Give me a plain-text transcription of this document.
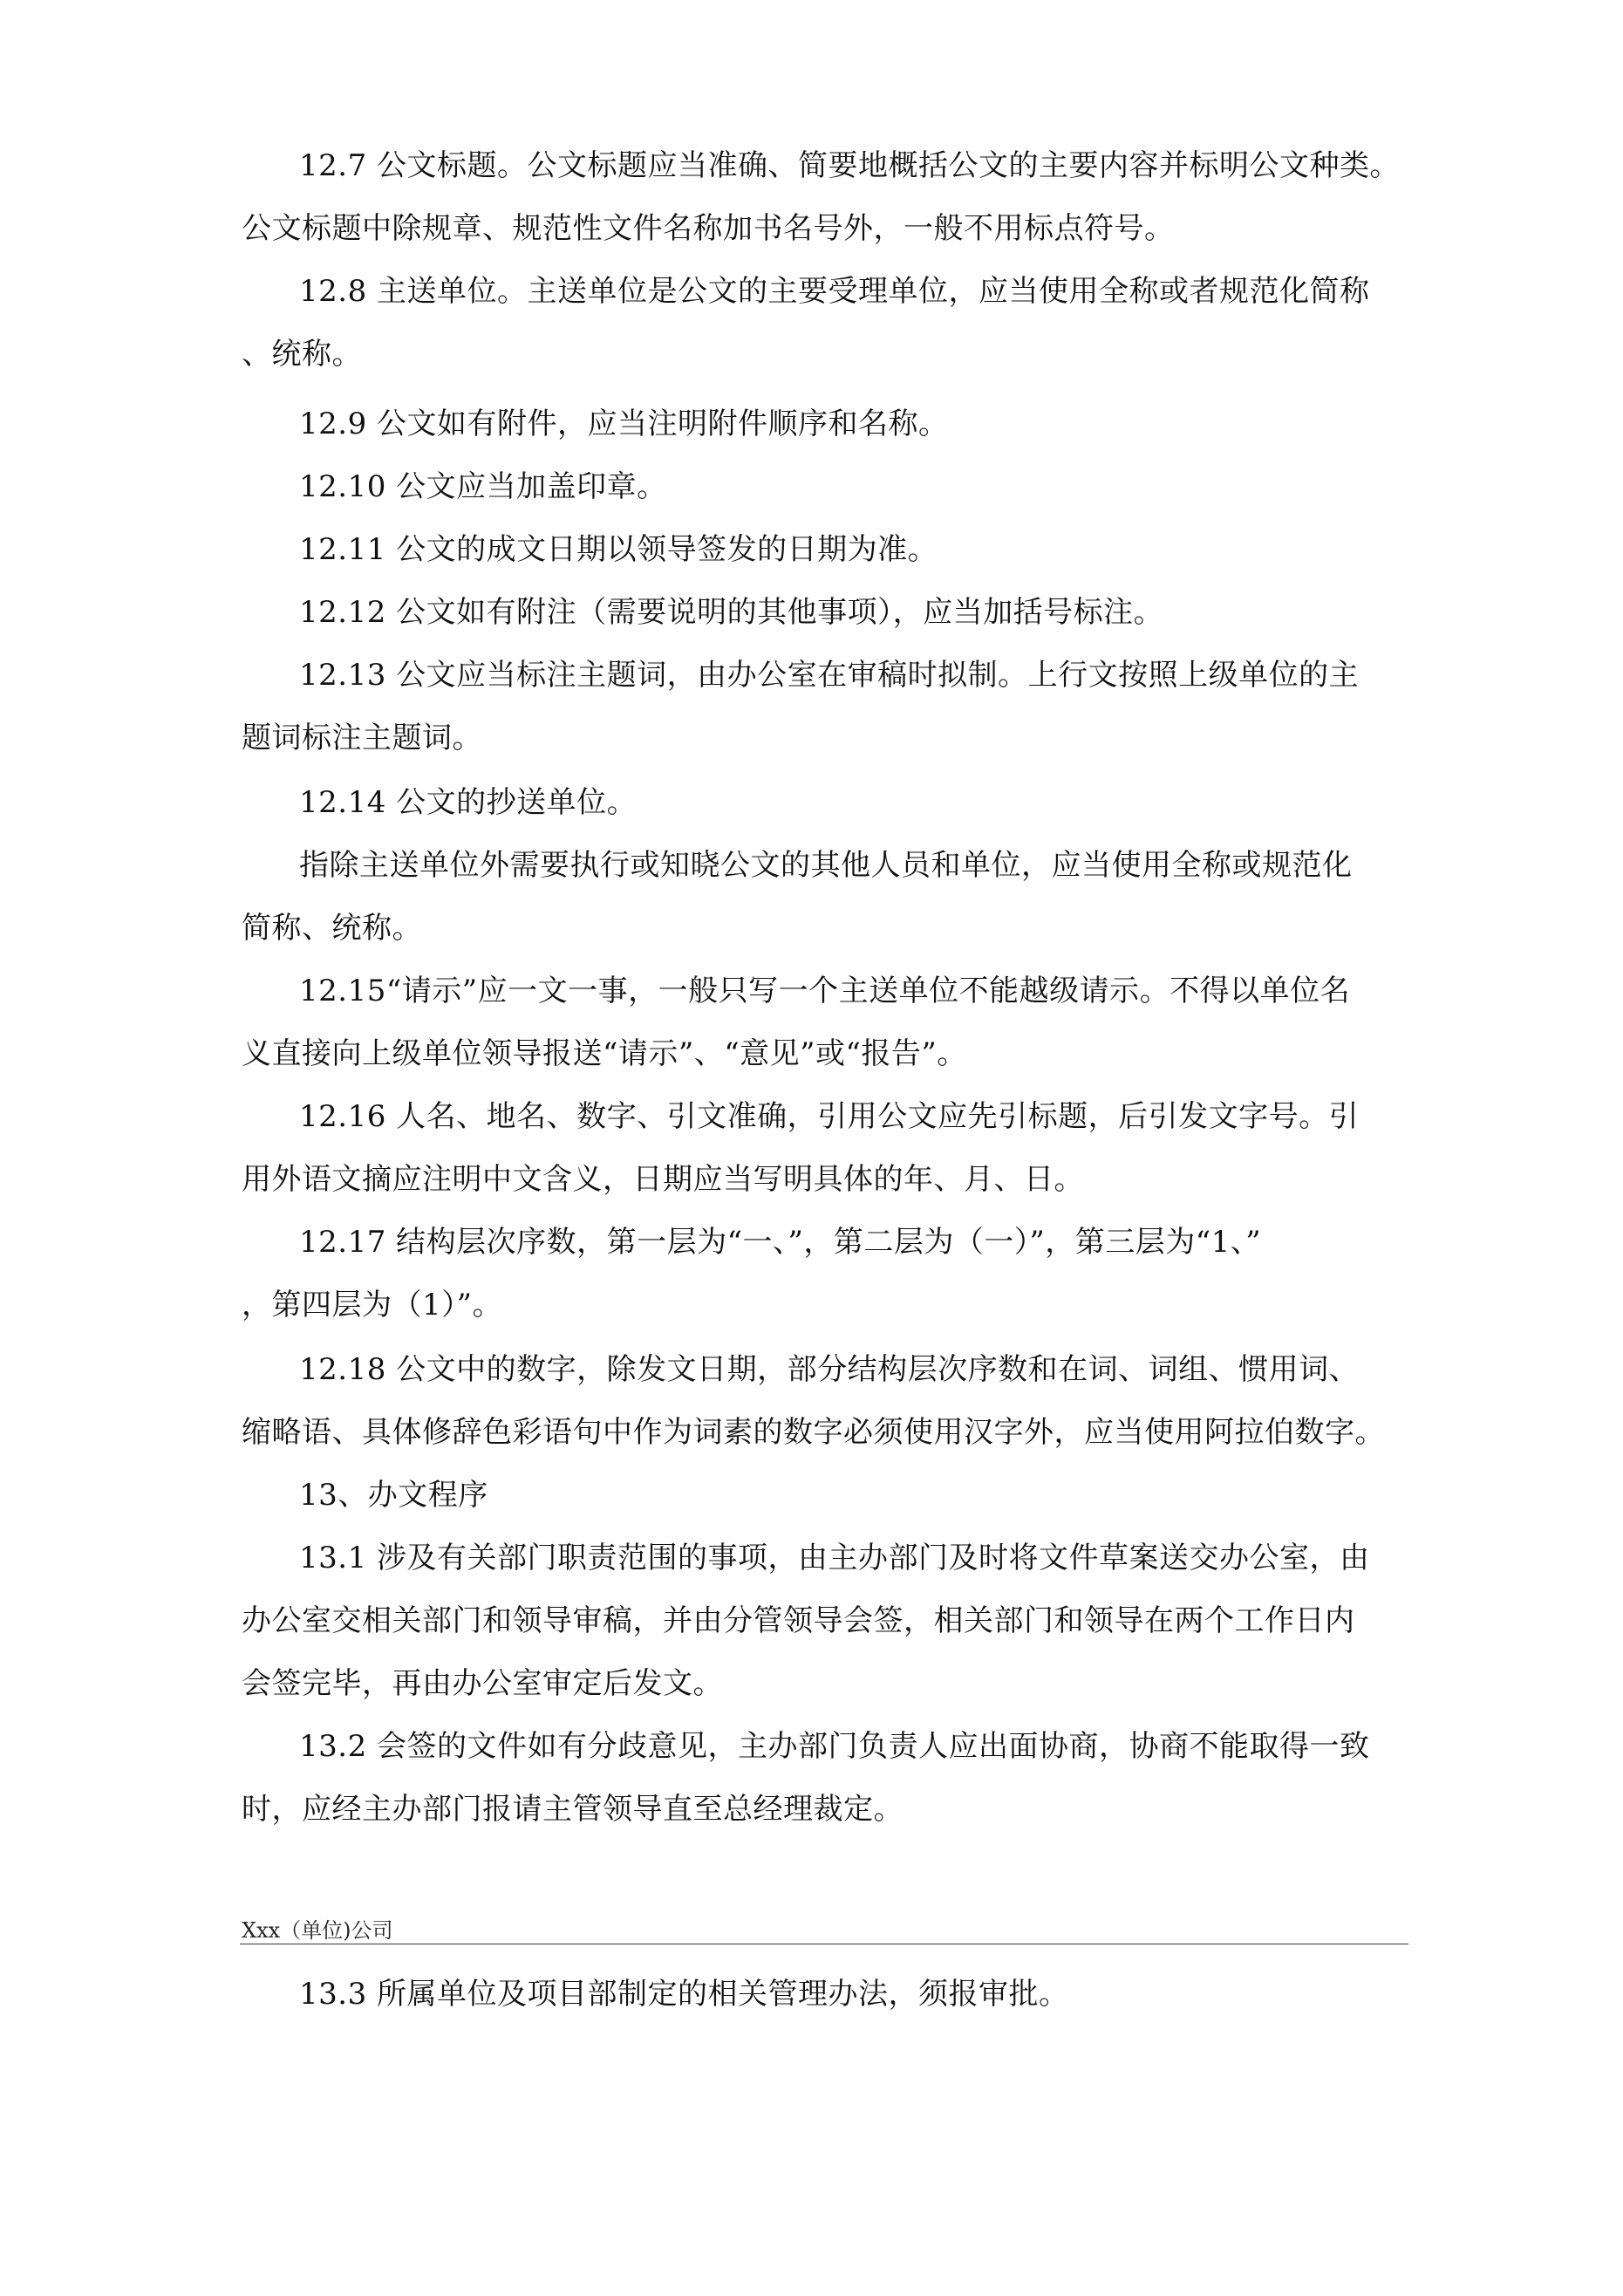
12.7 公文标题。公文标题应当准确、简要地概括公文的主要内容并标明公文种类。
公文标题中除规章、规范性文件名称加书名号外，一般不用标点符号。
12.8 主送单位。主送单位是公文的主要受理单位，应当使用全称或者规范化简称
、统称。
12.9 公文如有附件，应当注明附件顺序和名称。
12.10 公文应当加盖印章。
12.11 公文的成文日期以领导签发的日期为准。
12.12 公文如有附注（需要说明的其他事项），应当加括号标注。
12.13 公文应当标注主题词，由办公室在审稿时拟制。上行文按照上级单位的主
题词标注主题词。
12.14 公文的抄送单位。
指除主送单位外需要执行或知晓公文的其他人员和单位，应当使用全称或规范化
简称、统称。
12.15“请示”应一文一事，一般只写一个主送单位不能越级请示。不得以单位名
义直接向上级单位领导报送“请示”、“意见”或“报告”。
12.16 人名、地名、数字、引文准确，引用公文应先引标题，后引发文字号。引
用外语文摘应注明中文含义，日期应当写明具体的年、月、日。
12.17 结构层次序数，第一层为“一、”，第二层为（一）”，第三层为“1、”
，第四层为（1）”。
12.18 公文中的数字，除发文日期，部分结构层次序数和在词、词组、惯用词、
缩略语、具体修辞色彩语句中作为词素的数字必须使用汉字外，应当使用阿拉伯数字。
13、办文程序
13.1 涉及有关部门职责范围的事项，由主办部门及时将文件草案送交办公室，由
办公室交相关部门和领导审稿，并由分管领导会签，相关部门和领导在两个工作日内
会签完毕，再由办公室审定后发文。
13.2 会签的文件如有分歧意见，主办部门负责人应出面协商，协商不能取得一致
时，应经主办部门报请主管领导直至总经理裁定。
Xxx（单位)公司
13.3 所属单位及项目部制定的相关管理办法，须报审批。
